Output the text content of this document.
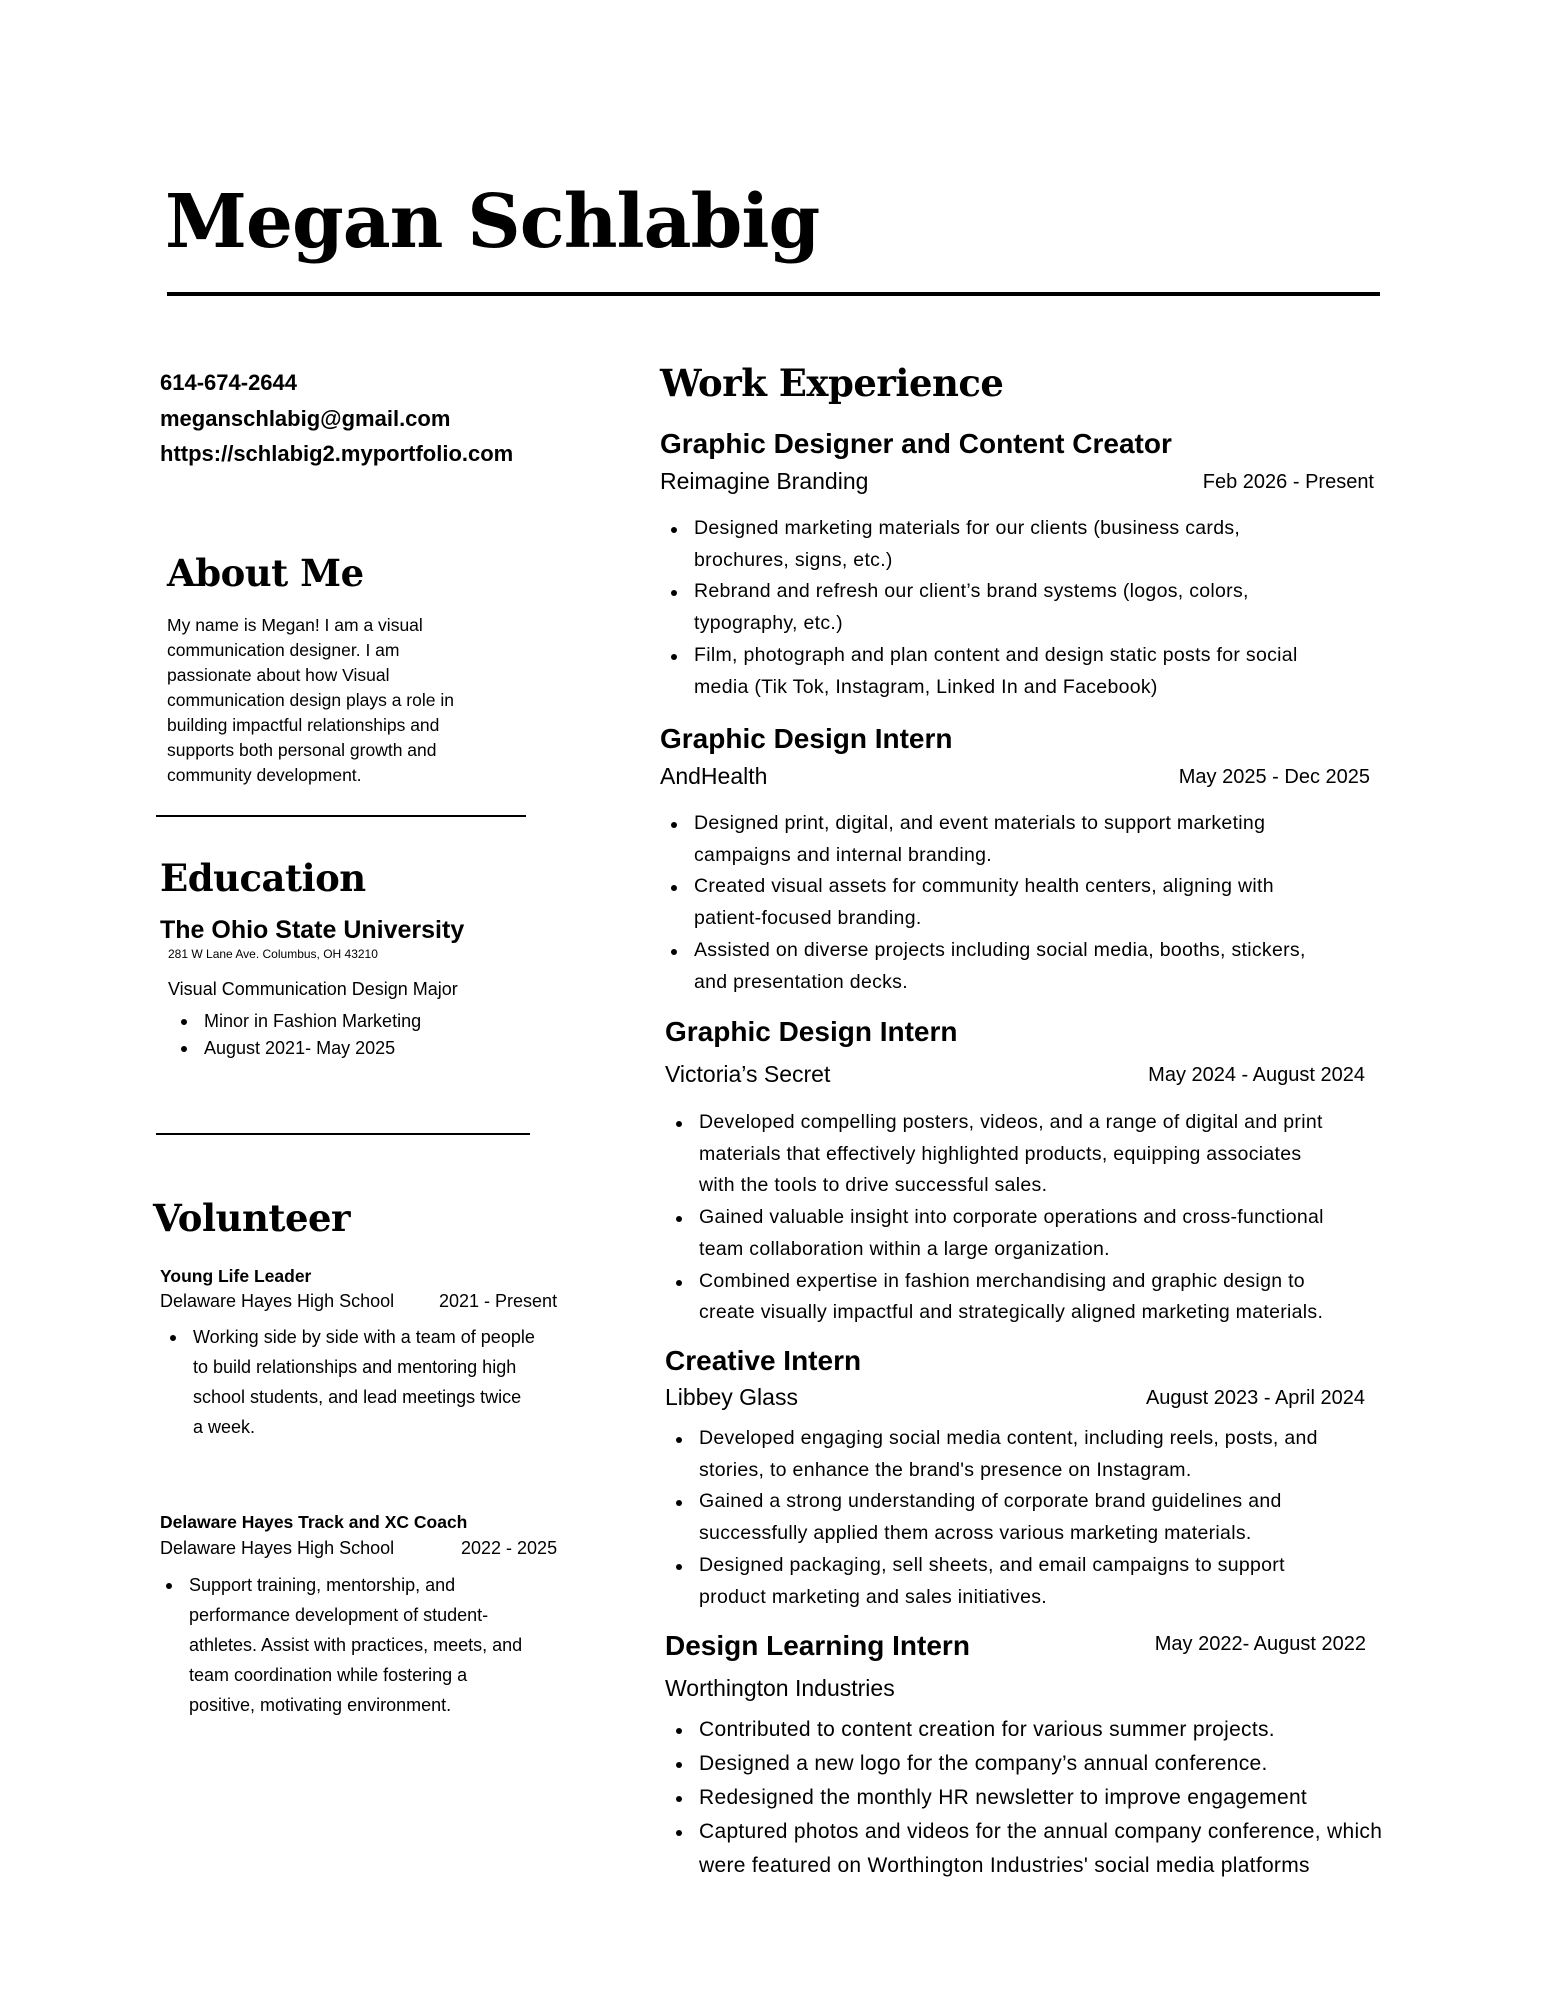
Megan Schlabig
614-674-2644
meganschlabig@gmail.com
https://schlabig2.myportfolio.com
About Me
My name is Megan! I am a visual
communication designer. I am
passionate about how Visual
communication design plays a role in
building impactful relationships and
supports both personal growth and
community development.
Education
The Ohio State University
281 W Lane Ave. Columbus, OH 43210
Visual Communication Design Major
Minor in Fashion Marketing
August 2021- May 2025
Volunteer
Young Life Leader
Delaware Hayes High School 2021 - Present
Working side by side with a team of people
to build relationships and mentoring high
school students, and lead meetings twice
a week.
Delaware Hayes Track and XC Coach
Delaware Hayes High School	2022 - 2025
Support training, mentorship, and
performance development of student-
athletes. Assist with practices, meets, and
team coordination while fostering a
positive, motivating environment.
Work Experience
Graphic Designer and Content Creator
Reimagine Branding	Feb 2026 - Present
Designed marketing materials for our clients (business cards,
brochures, signs, etc.)
Rebrand and refresh our client’s brand systems (logos, colors,
typography, etc.)
Film, photograph and plan content and design static posts for social
media (Tik Tok, Instagram, Linked In and Facebook)
Graphic Design Intern
AndHealth	May 2025 - Dec 2025
Designed print, digital, and event materials to support marketing
campaigns and internal branding.
Created visual assets for community health centers, aligning with
patient-focused branding.
Assisted on diverse projects including social media, booths, stickers,
and presentation decks.
Graphic Design Intern
Victoria’s Secret	May 2024 - August 2024
Developed compelling posters, videos, and a range of digital and print
materials that effectively highlighted products, equipping associates
with the tools to drive successful sales.
Gained valuable insight into corporate operations and cross-functional
team collaboration within a large organization.
Combined expertise in fashion merchandising and graphic design to
create visually impactful and strategically aligned marketing materials.
Creative Intern
Libbey Glass	August 2023 - April 2024
Developed engaging social media content, including reels, posts, and
stories, to enhance the brand's presence on Instagram.
Gained a strong understanding of corporate brand guidelines and
successfully applied them across various marketing materials.
Designed packaging, sell sheets, and email campaigns to support
product marketing and sales initiatives.
Design Learning Intern	May 2022- August 2022
Worthington Industries
Contributed to content creation for various summer projects.
Designed a new logo for the company’s annual conference.
Redesigned the monthly HR newsletter to improve engagement
Captured photos and videos for the annual company conference, which
were featured on Worthington Industries' social media platforms
